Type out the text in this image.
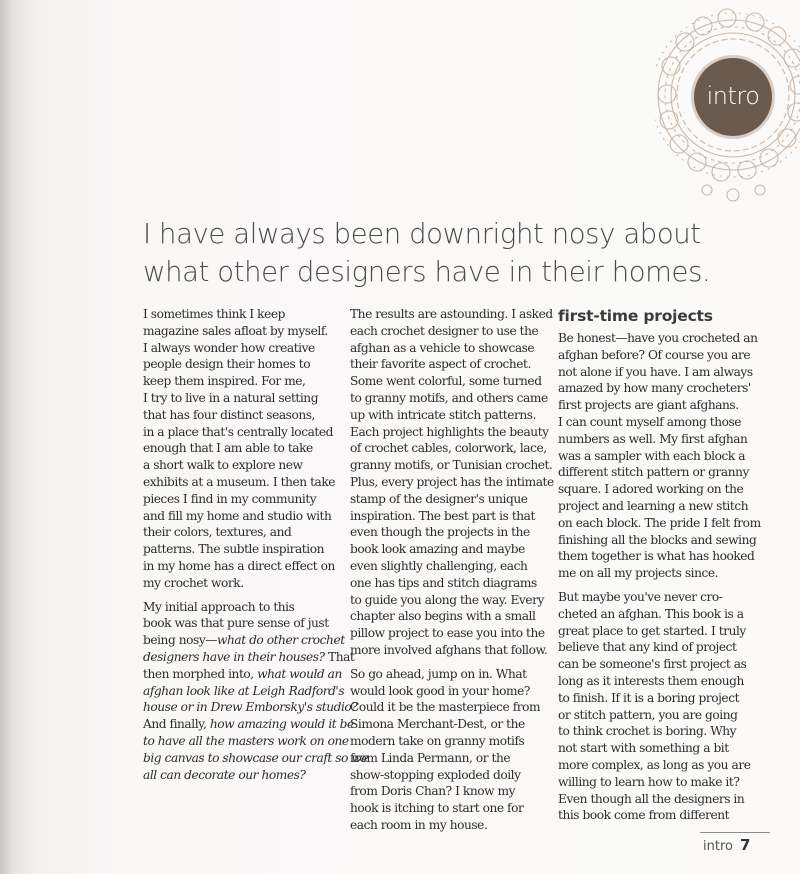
intro
I have always been downright nosy about
what other designers have in their homes.

I sometimes think I keep
magazine sales afloat by myself.
I always wonder how creative
people design their homes to
keep them inspired. For me,
I try to live in a natural setting
that has four distinct seasons,
in a place that's centrally located
enough that I am able to take
a short walk to explore new
exhibits at a museum. I then take
pieces I find in my community
and fill my home and studio with
their colors, textures, and
patterns. The subtle inspiration
in my home has a direct effect on
my crochet work.

My initial approach to this
book was that pure sense of just
being nosy—what do other crochet
designers have in their houses? That
then morphed into, what would an
afghan look like at Leigh Radford's
house or in Drew Emborsky's studio?
And finally, how amazing would it be
to have all the masters work on one
big canvas to showcase our craft so we
all can decorate our homes?

The results are astounding. I asked
each crochet designer to use the
afghan as a vehicle to showcase
their favorite aspect of crochet.
Some went colorful, some turned
to granny motifs, and others came
up with intricate stitch patterns.
Each project highlights the beauty
of crochet cables, colorwork, lace,
granny motifs, or Tunisian crochet.
Plus, every project has the intimate
stamp of the designer's unique
inspiration. The best part is that
even though the projects in the
book look amazing and maybe
even slightly challenging, each
one has tips and stitch diagrams
to guide you along the way. Every
chapter also begins with a small
pillow project to ease you into the
more involved afghans that follow.

So go ahead, jump on in. What
would look good in your home?
Could it be the masterpiece from
Simona Merchant-Dest, or the
modern take on granny motifs
from Linda Permann, or the
show-stopping exploded doily
from Doris Chan? I know my
hook is itching to start one for
each room in my house.

first-time projects

Be honest—have you crocheted an
afghan before? Of course you are
not alone if you have. I am always
amazed by how many crocheters'
first projects are giant afghans.
I can count myself among those
numbers as well. My first afghan
was a sampler with each block a
different stitch pattern or granny
square. I adored working on the
project and learning a new stitch
on each block. The pride I felt from
finishing all the blocks and sewing
them together is what has hooked
me on all my projects since.

But maybe you've never cro-
cheted an afghan. This book is a
great place to get started. I truly
believe that any kind of project
can be someone's first project as
long as it interests them enough
to finish. If it is a boring project
or stitch pattern, you are going
to think crochet is boring. Why
not start with something a bit
more complex, as long as you are
willing to learn how to make it?
Even though all the designers in
this book come from different

intro 7
